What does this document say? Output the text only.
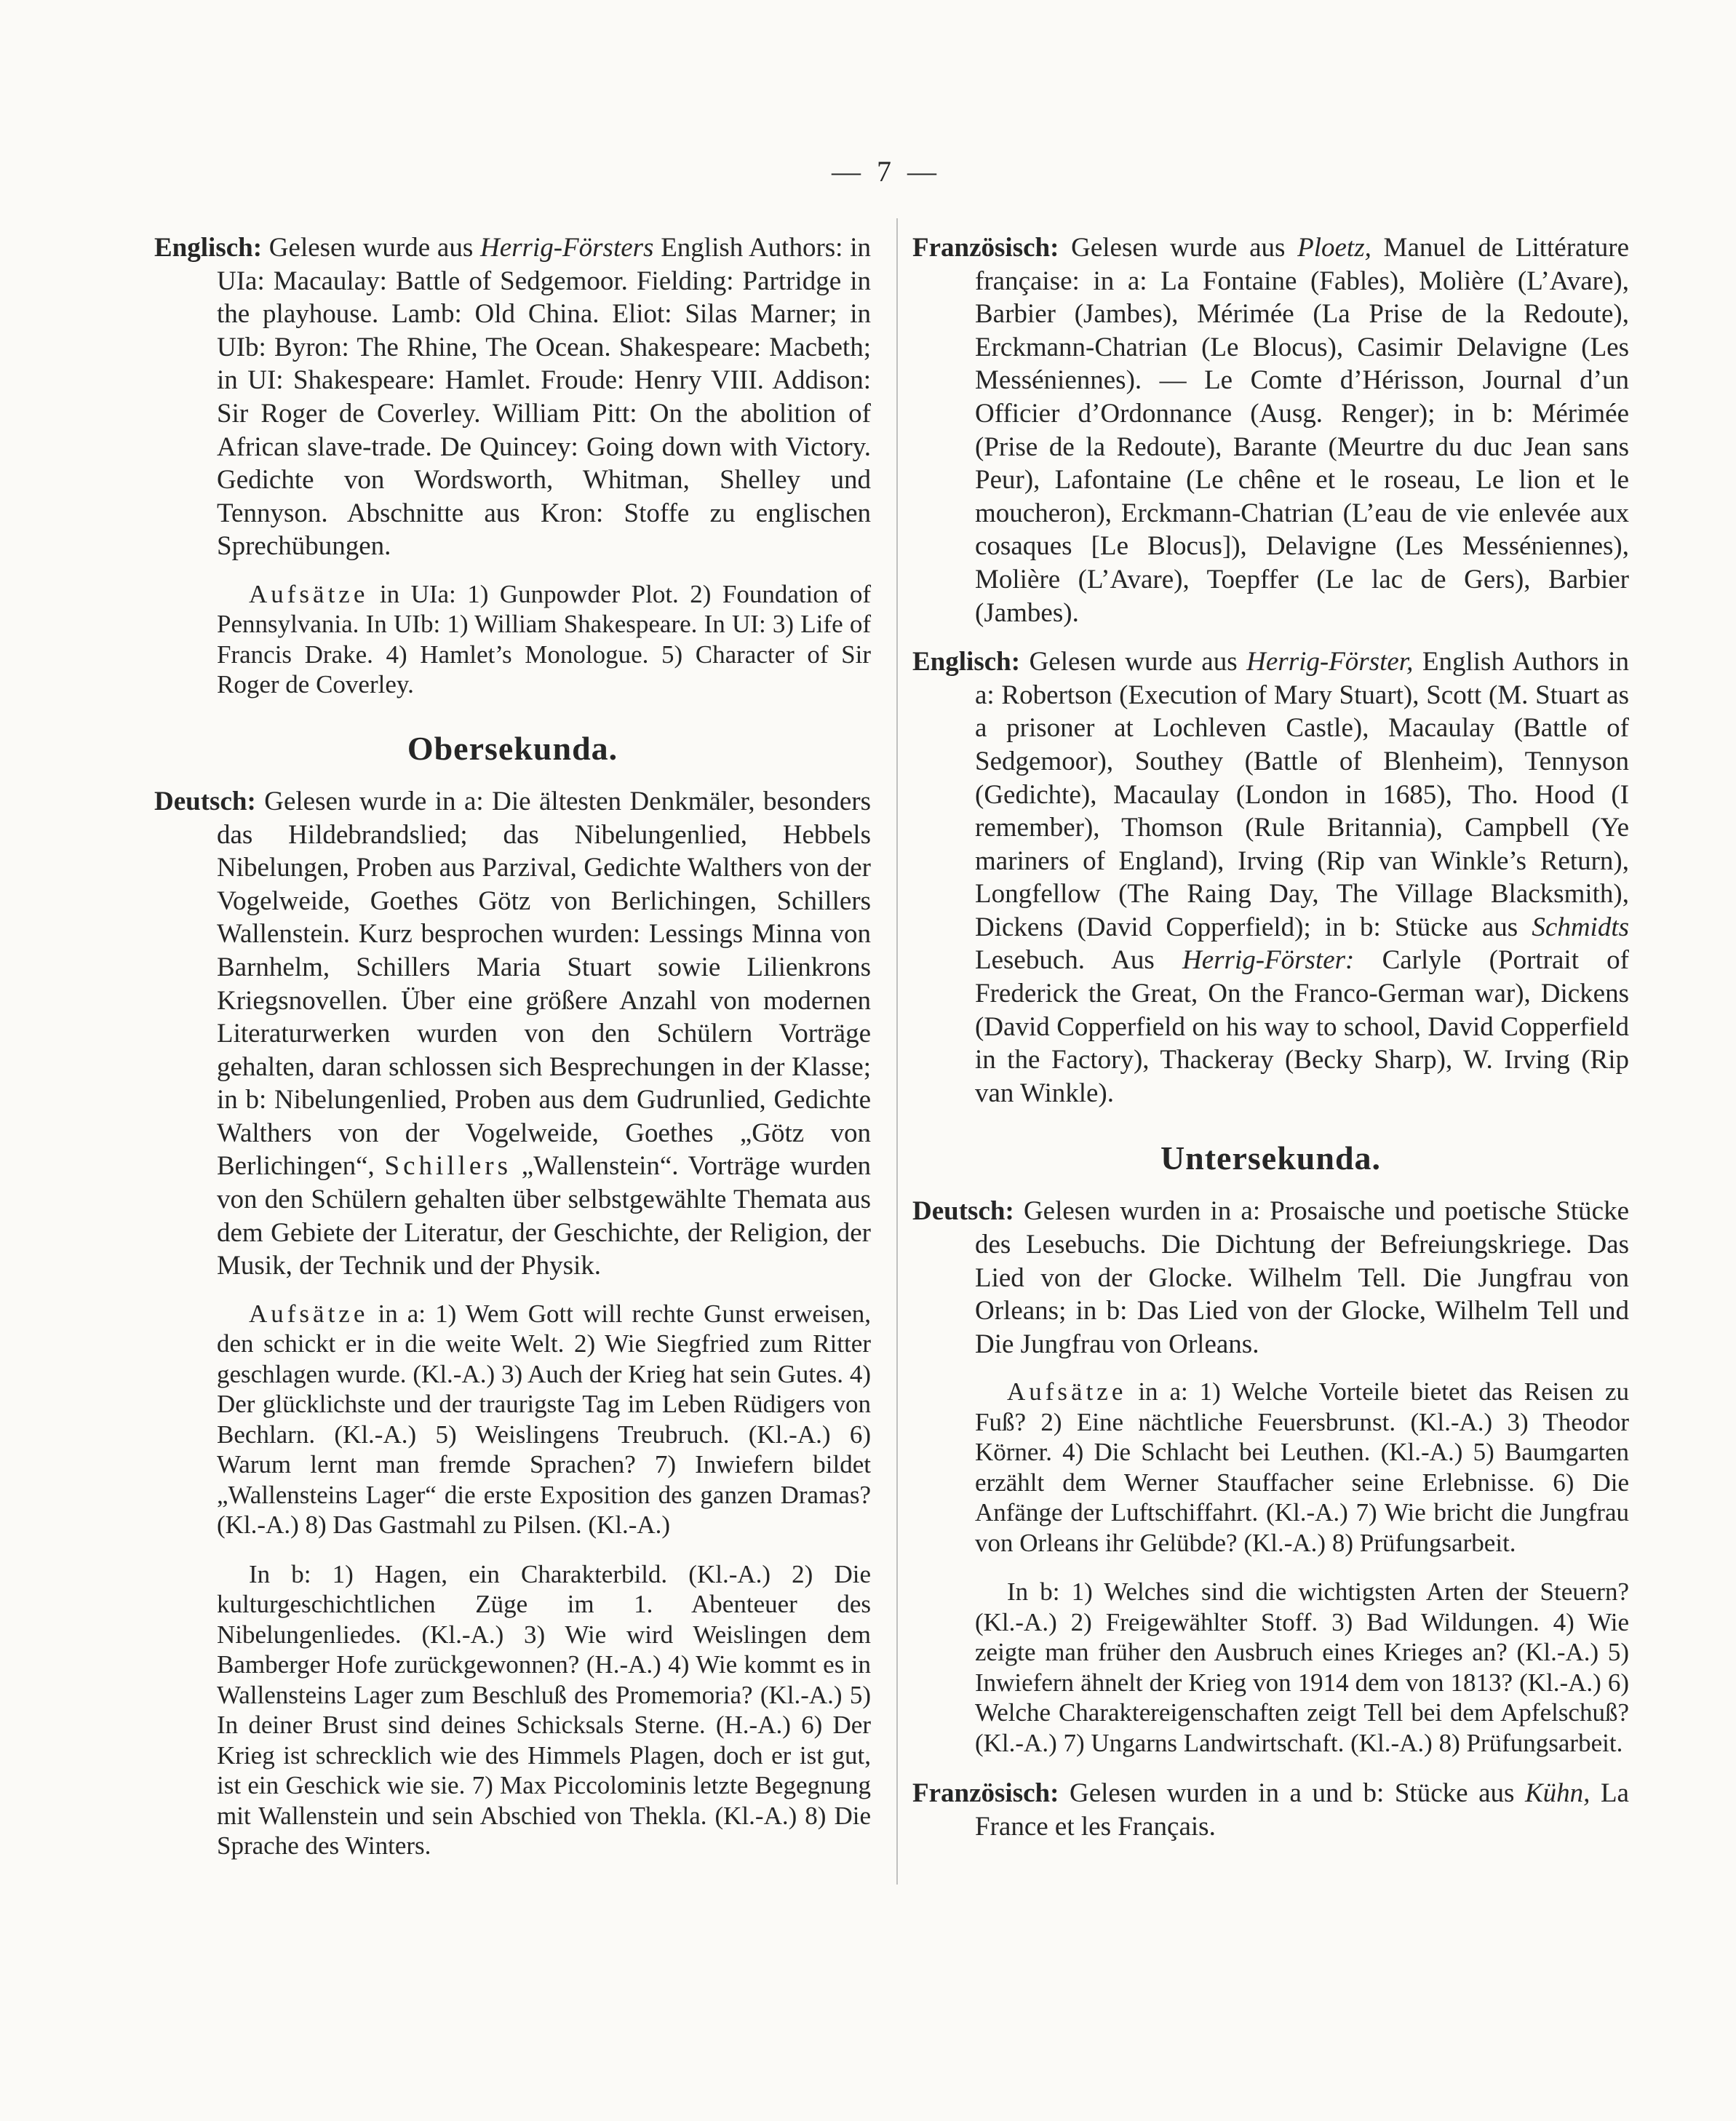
— 7 —

Englisch: Gelesen wurde aus Herrig-Försters English Authors: in UIa: Macaulay: Battle of Sedgemoor. Fielding: Partridge in the playhouse. Lamb: Old China. Eliot: Silas Marner; in UIb: Byron: The Rhine, The Ocean. Shakespeare: Macbeth; in UI: Shakespeare: Hamlet. Froude: Henry VIII. Addison: Sir Roger de Coverley. William Pitt: On the abolition of African slave-trade. De Quincey: Going down with Victory. Gedichte von Wordsworth, Whitman, Shelley und Tennyson. Abschnitte aus Kron: Stoffe zu englischen Sprechübungen.

Aufsätze in UIa: 1) Gunpowder Plot. 2) Foundation of Pennsylvania. In UIb: 1) William Shakespeare. In UI: 3) Life of Francis Drake. 4) Hamlet’s Monologue. 5) Character of Sir Roger de Coverley.

Obersekunda.

Deutsch: Gelesen wurde in a: Die ältesten Denkmäler, besonders das Hildebrandslied; das Nibelungenlied, Hebbels Nibelungen, Proben aus Parzival, Gedichte Walthers von der Vogelweide, Goethes Götz von Berlichingen, Schillers Wallenstein. Kurz besprochen wurden: Lessings Minna von Barnhelm, Schillers Maria Stuart sowie Lilienkrons Kriegsnovellen. Über eine größere Anzahl von modernen Literaturwerken wurden von den Schülern Vorträge gehalten, daran schlossen sich Besprechungen in der Klasse; in b: Nibelungenlied, Proben aus dem Gudrunlied, Gedichte Walthers von der Vogelweide, Goethes „Götz von Berlichingen“, Schillers „Wallenstein“. Vorträge wurden von den Schülern gehalten über selbstgewählte Themata aus dem Gebiete der Literatur, der Geschichte, der Religion, der Musik, der Technik und der Physik.

Aufsätze in a: 1) Wem Gott will rechte Gunst erweisen, den schickt er in die weite Welt. 2) Wie Siegfried zum Ritter geschlagen wurde. (Kl.-A.) 3) Auch der Krieg hat sein Gutes. 4) Der glücklichste und der traurigste Tag im Leben Rüdigers von Bechlarn. (Kl.-A.) 5) Weislingens Treubruch. (Kl.-A.) 6) Warum lernt man fremde Sprachen? 7) Inwiefern bildet „Wallensteins Lager“ die erste Exposition des ganzen Dramas? (Kl.-A.) 8) Das Gastmahl zu Pilsen. (Kl.-A.)

In b: 1) Hagen, ein Charakterbild. (Kl.-A.) 2) Die kulturgeschichtlichen Züge im 1. Abenteuer des Nibelungenliedes. (Kl.-A.) 3) Wie wird Weislingen dem Bamberger Hofe zurückgewonnen? (H.-A.) 4) Wie kommt es in Wallensteins Lager zum Beschluß des Promemoria? (Kl.-A.) 5) In deiner Brust sind deines Schicksals Sterne. (H.-A.) 6) Der Krieg ist schrecklich wie des Himmels Plagen, doch er ist gut, ist ein Geschick wie sie. 7) Max Piccolominis letzte Begegnung mit Wallenstein und sein Abschied von Thekla. (Kl.-A.) 8) Die Sprache des Winters.

Französisch: Gelesen wurde aus Ploetz, Manuel de Littérature française: in a: La Fontaine (Fables), Molière (L’Avare), Barbier (Jambes), Mérimée (La Prise de la Redoute), Erckmann-Chatrian (Le Blocus), Casimir Delavigne (Les Messéniennes). — Le Comte d’Hérisson, Journal d’un Officier d’Ordonnance (Ausg. Renger); in b: Mérimée (Prise de la Redoute), Barante (Meurtre du duc Jean sans Peur), Lafontaine (Le chêne et le roseau, Le lion et le moucheron), Erckmann-Chatrian (L’eau de vie enlevée aux cosaques [Le Blocus]), Delavigne (Les Messéniennes), Molière (L’Avare), Toepffer (Le lac de Gers), Barbier (Jambes).

Englisch: Gelesen wurde aus Herrig-Förster, English Authors in a: Robertson (Execution of Mary Stuart), Scott (M. Stuart as a prisoner at Lochleven Castle), Macaulay (Battle of Sedgemoor), Southey (Battle of Blenheim), Tennyson (Gedichte), Macaulay (London in 1685), Tho. Hood (I remember), Thomson (Rule Britannia), Campbell (Ye mariners of England), Irving (Rip van Winkle’s Return), Longfellow (The Raing Day, The Village Blacksmith), Dickens (David Copperfield); in b: Stücke aus Schmidts Lesebuch. Aus Herrig-Förster: Carlyle (Portrait of Frederick the Great, On the Franco-German war), Dickens (David Copperfield on his way to school, David Copperfield in the Factory), Thackeray (Becky Sharp), W. Irving (Rip van Winkle).

Untersekunda.

Deutsch: Gelesen wurden in a: Prosaische und poetische Stücke des Lesebuchs. Die Dichtung der Befreiungskriege. Das Lied von der Glocke. Wilhelm Tell. Die Jungfrau von Orleans; in b: Das Lied von der Glocke, Wilhelm Tell und Die Jungfrau von Orleans.

Aufsätze in a: 1) Welche Vorteile bietet das Reisen zu Fuß? 2) Eine nächtliche Feuersbrunst. (Kl.-A.) 3) Theodor Körner. 4) Die Schlacht bei Leuthen. (Kl.-A.) 5) Baumgarten erzählt dem Werner Stauffacher seine Erlebnisse. 6) Die Anfänge der Luftschiffahrt. (Kl.-A.) 7) Wie bricht die Jungfrau von Orleans ihr Gelübde? (Kl.-A.) 8) Prüfungsarbeit.

In b: 1) Welches sind die wichtigsten Arten der Steuern? (Kl.-A.) 2) Freigewählter Stoff. 3) Bad Wildungen. 4) Wie zeigte man früher den Ausbruch eines Krieges an? (Kl.-A.) 5) Inwiefern ähnelt der Krieg von 1914 dem von 1813? (Kl.-A.) 6) Welche Charaktereigenschaften zeigt Tell bei dem Apfelschuß? (Kl.-A.) 7) Ungarns Landwirtschaft. (Kl.-A.) 8) Prüfungsarbeit.

Französisch: Gelesen wurden in a und b: Stücke aus Kühn, La France et les Français.
